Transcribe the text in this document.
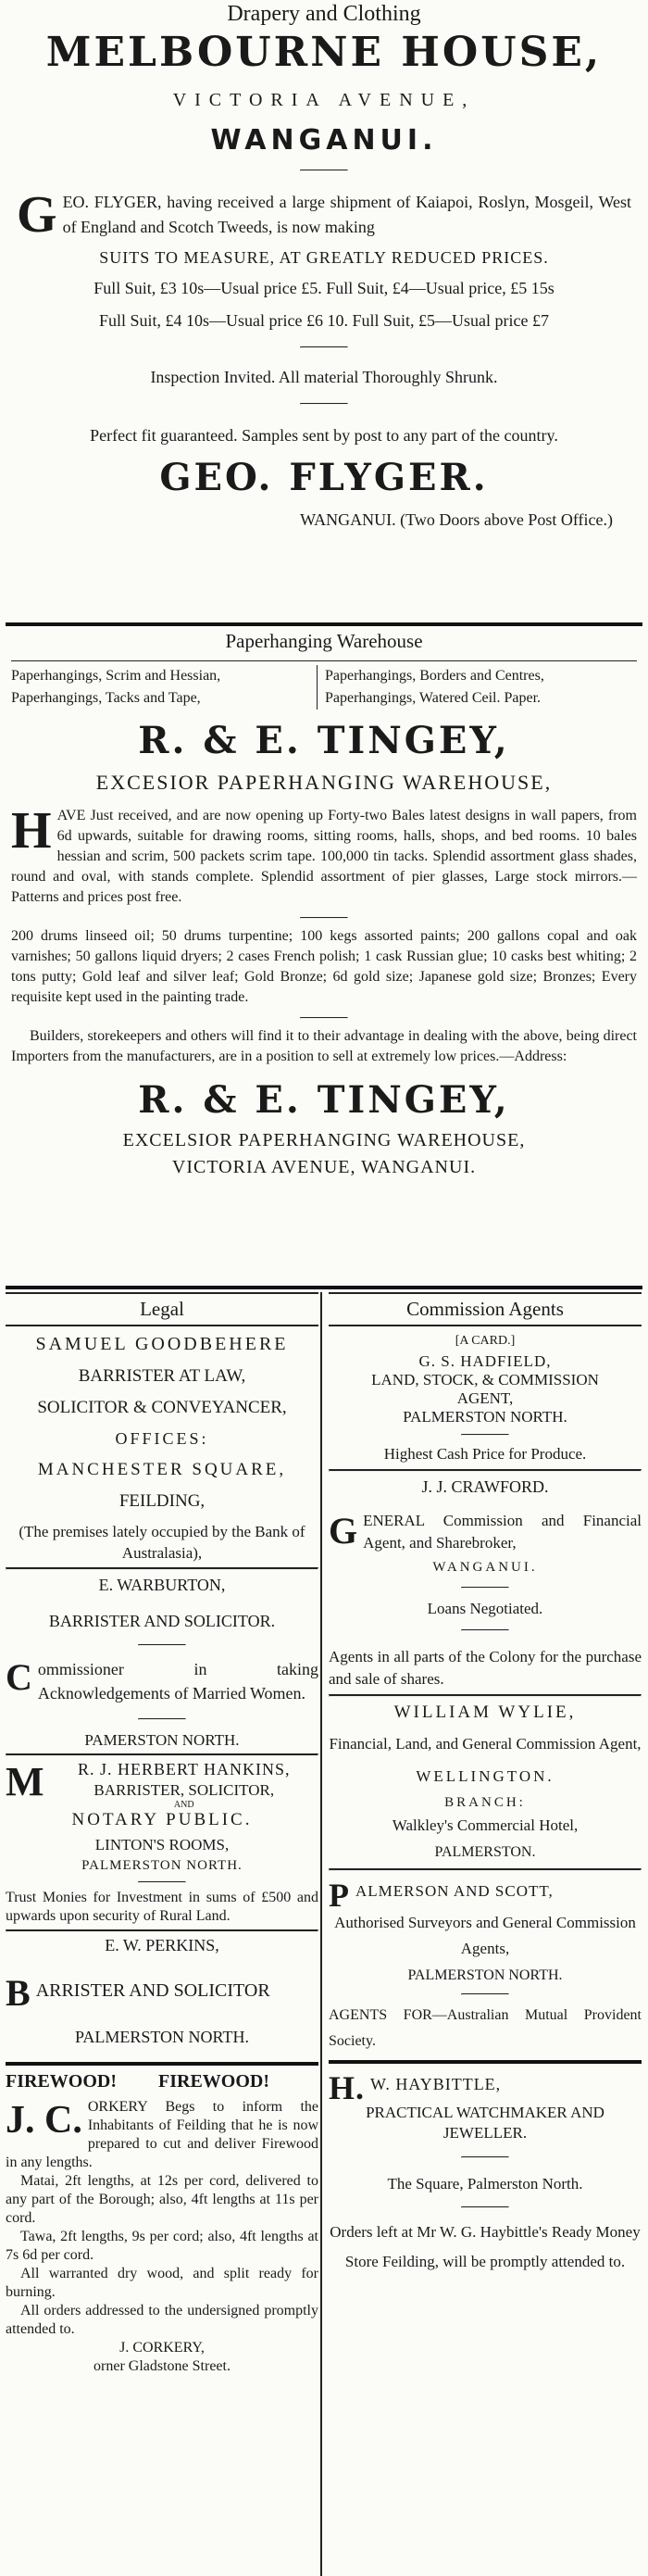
Drapery and Clothing
MELBOURNE HOUSE,
VICTORIA AVENUE,
WANGANUI.
GEO. FLYGER, having received a large shipment of Kaiapoi, Roslyn, Mosgeil, West of England and Scotch Tweeds, is now making
SUITS TO MEASURE, AT GREATLY REDUCED PRICES.
Full Suit, £3 10s—Usual price £5. Full Suit, £4—Usual price, £5 15s
Full Suit, £4 10s—Usual price £6 10. Full Suit, £5—Usual price £7
Inspection Invited. All material Thoroughly Shrunk.
Perfect fit guaranteed. Samples sent by post to any part of the country.
GEO. FLYGER.
WANGANUI. (Two Doors above Post Office.)
Paperhanging Warehouse
Paperhangings, Scrim and Hessian,
Paperhangings, Tacks and Tape,
Paperhangings, Borders and Centres,
Paperhangings, Watered Ceil. Paper.
R. & E. TINGEY,
EXCESIOR PAPERHANGING WAREHOUSE,
HAVE Just received, and are now opening up Forty-two Bales latest designs in wall papers, from 6d upwards, suitable for drawing rooms, sitting rooms, halls, shops, and bed rooms. 10 bales hessian and scrim, 500 packets scrim tape. 100,000 tin tacks. Splendid assortment glass shades, round and oval, with stands complete. Splendid assortment of pier glasses, Large stock mirrors.—Patterns and prices post free.
200 drums linseed oil; 50 drums turpentine; 100 kegs assorted paints; 200 gallons copal and oak varnishes; 50 gallons liquid dryers; 2 cases French polish; 1 cask Russian glue; 10 casks best whiting; 2 tons putty; Gold leaf and silver leaf; Gold Bronze; 6d gold size; Japanese gold size; Bronzes; Every requisite kept used in the painting trade.
Builders, storekeepers and others will find it to their advantage in dealing with the above, being direct Importers from the manufacturers, are in a position to sell at extremely low prices.—Address:
R. & E. TINGEY,
EXCELSIOR PAPERHANGING WAREHOUSE,
VICTORIA AVENUE, WANGANUI.
Legal
SAMUEL GOODBEHERE
BARRISTER AT LAW,
SOLICITOR & CONVEYANCER,
OFFICES:
MANCHESTER SQUARE,
FEILDING,
(The premises lately occupied by the Bank of Australasia),
E. WARBURTON,
BARRISTER AND SOLICITOR.
Commissioner in taking Acknowledgements of Married Women.
PAMERSTON NORTH.
M	R. J. HERBERT HANKINS,
BARRISTER, SOLICITOR,
AND
NOTARY PUBLIC.
LINTON'S ROOMS,
PALMERSTON NORTH.
Trust Monies for Investment in sums of £500 and upwards upon security of Rural Land.
E. W. PERKINS,
BARRISTER AND SOLICITOR
PALMERSTON NORTH.
FIREWOOD! FIREWOOD!
J. C. ORKERY Begs to inform the Inhabitants of Feilding that he is now prepared to cut and deliver Firewood in any lengths.
Matai, 2ft lengths, at 12s per cord, delivered to any part of the Borough; also, 4ft lengths at 11s per cord.
Tawa, 2ft lengths, 9s per cord; also, 4ft lengths at 7s 6d per cord.
All warranted dry wood, and split ready for burning.
All orders addressed to the undersigned promptly attended to.
J. CORKERY,
orner Gladstone Street.
Commission Agents
[A CARD.]
G. S. HADFIELD,
LAND, STOCK, & COMMISSION
AGENT,
PALMERSTON NORTH.
Highest Cash Price for Produce.
J. J. CRAWFORD.
GENERAL Commission and Financial Agent, and Sharebroker,
WANGANUI.
Loans Negotiated.
Agents in all parts of the Colony for the purchase and sale of shares.
WILLIAM WYLIE,
Financial, Land, and General Commission Agent,
WELLINGTON.
BRANCH:
Walkley's Commercial Hotel,
PALMERSTON.
PALMERSON AND SCOTT,
Authorised Surveyors and General Commission Agents,
PALMERSTON NORTH.
AGENTS FOR—Australian Mutual Provident Society.
H. W. HAYBITTLE,
PRACTICAL WATCHMAKER AND JEWELLER.
The Square, Palmerston North.
Orders left at Mr W. G. Haybittle's Ready Money Store Feilding, will be promptly attended to.
